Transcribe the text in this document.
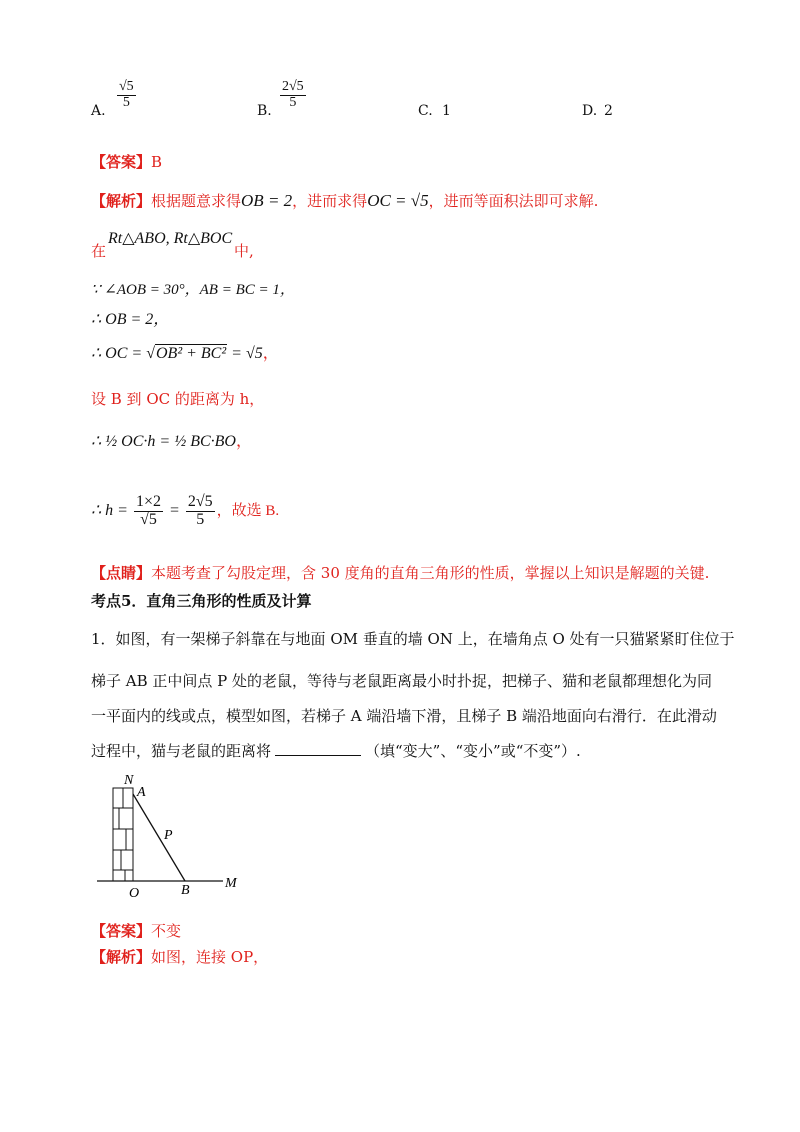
A.
$\frac{√5}{5}$
B.
$\frac{2√5}{5}$
C. 1	D. 2
【答案】B
【解析】根据题意求得OB = 2，进而求得OC = √5，进而等面积法即可求解.
在
Rt△ABO, Rt△BOC
中,
∵ ∠AOB = 30°，AB = BC = 1，
∴ OB = 2，
∴ OC = √OB² + BC² = √5，
设 B 到 OC 的距离为 h，
∴ ½ OC·h = ½ BC·BO，
∴ $h = \frac{1\times 2}{√5} = \frac{2√5}{5}$ ，故选 B.
【点睛】本题考查了勾股定理，含 30 度角的直角三角形的性质，掌握以上知识是解题的关键.
考点5．直角三角形的性质及计算
1．如图，有一架梯子斜靠在与地面 OM 垂直的墙 ON 上，在墙角点 O 处有一只猫紧紧盯住位于
梯子 AB 正中间点 P 处的老鼠，等待与老鼠距离最小时扑捉，把梯子、猫和老鼠都理想化为同
一平面内的线或点，模型如图，若梯子 A 端沿墙下滑，且梯子 B 端沿地面向右滑行．在此滑动
过程中，猫与老鼠的距离将	（填“变大”、“变小”或“不变”）.
N
A
P
O	B	M
【答案】不变
【解析】如图，连接 OP，
